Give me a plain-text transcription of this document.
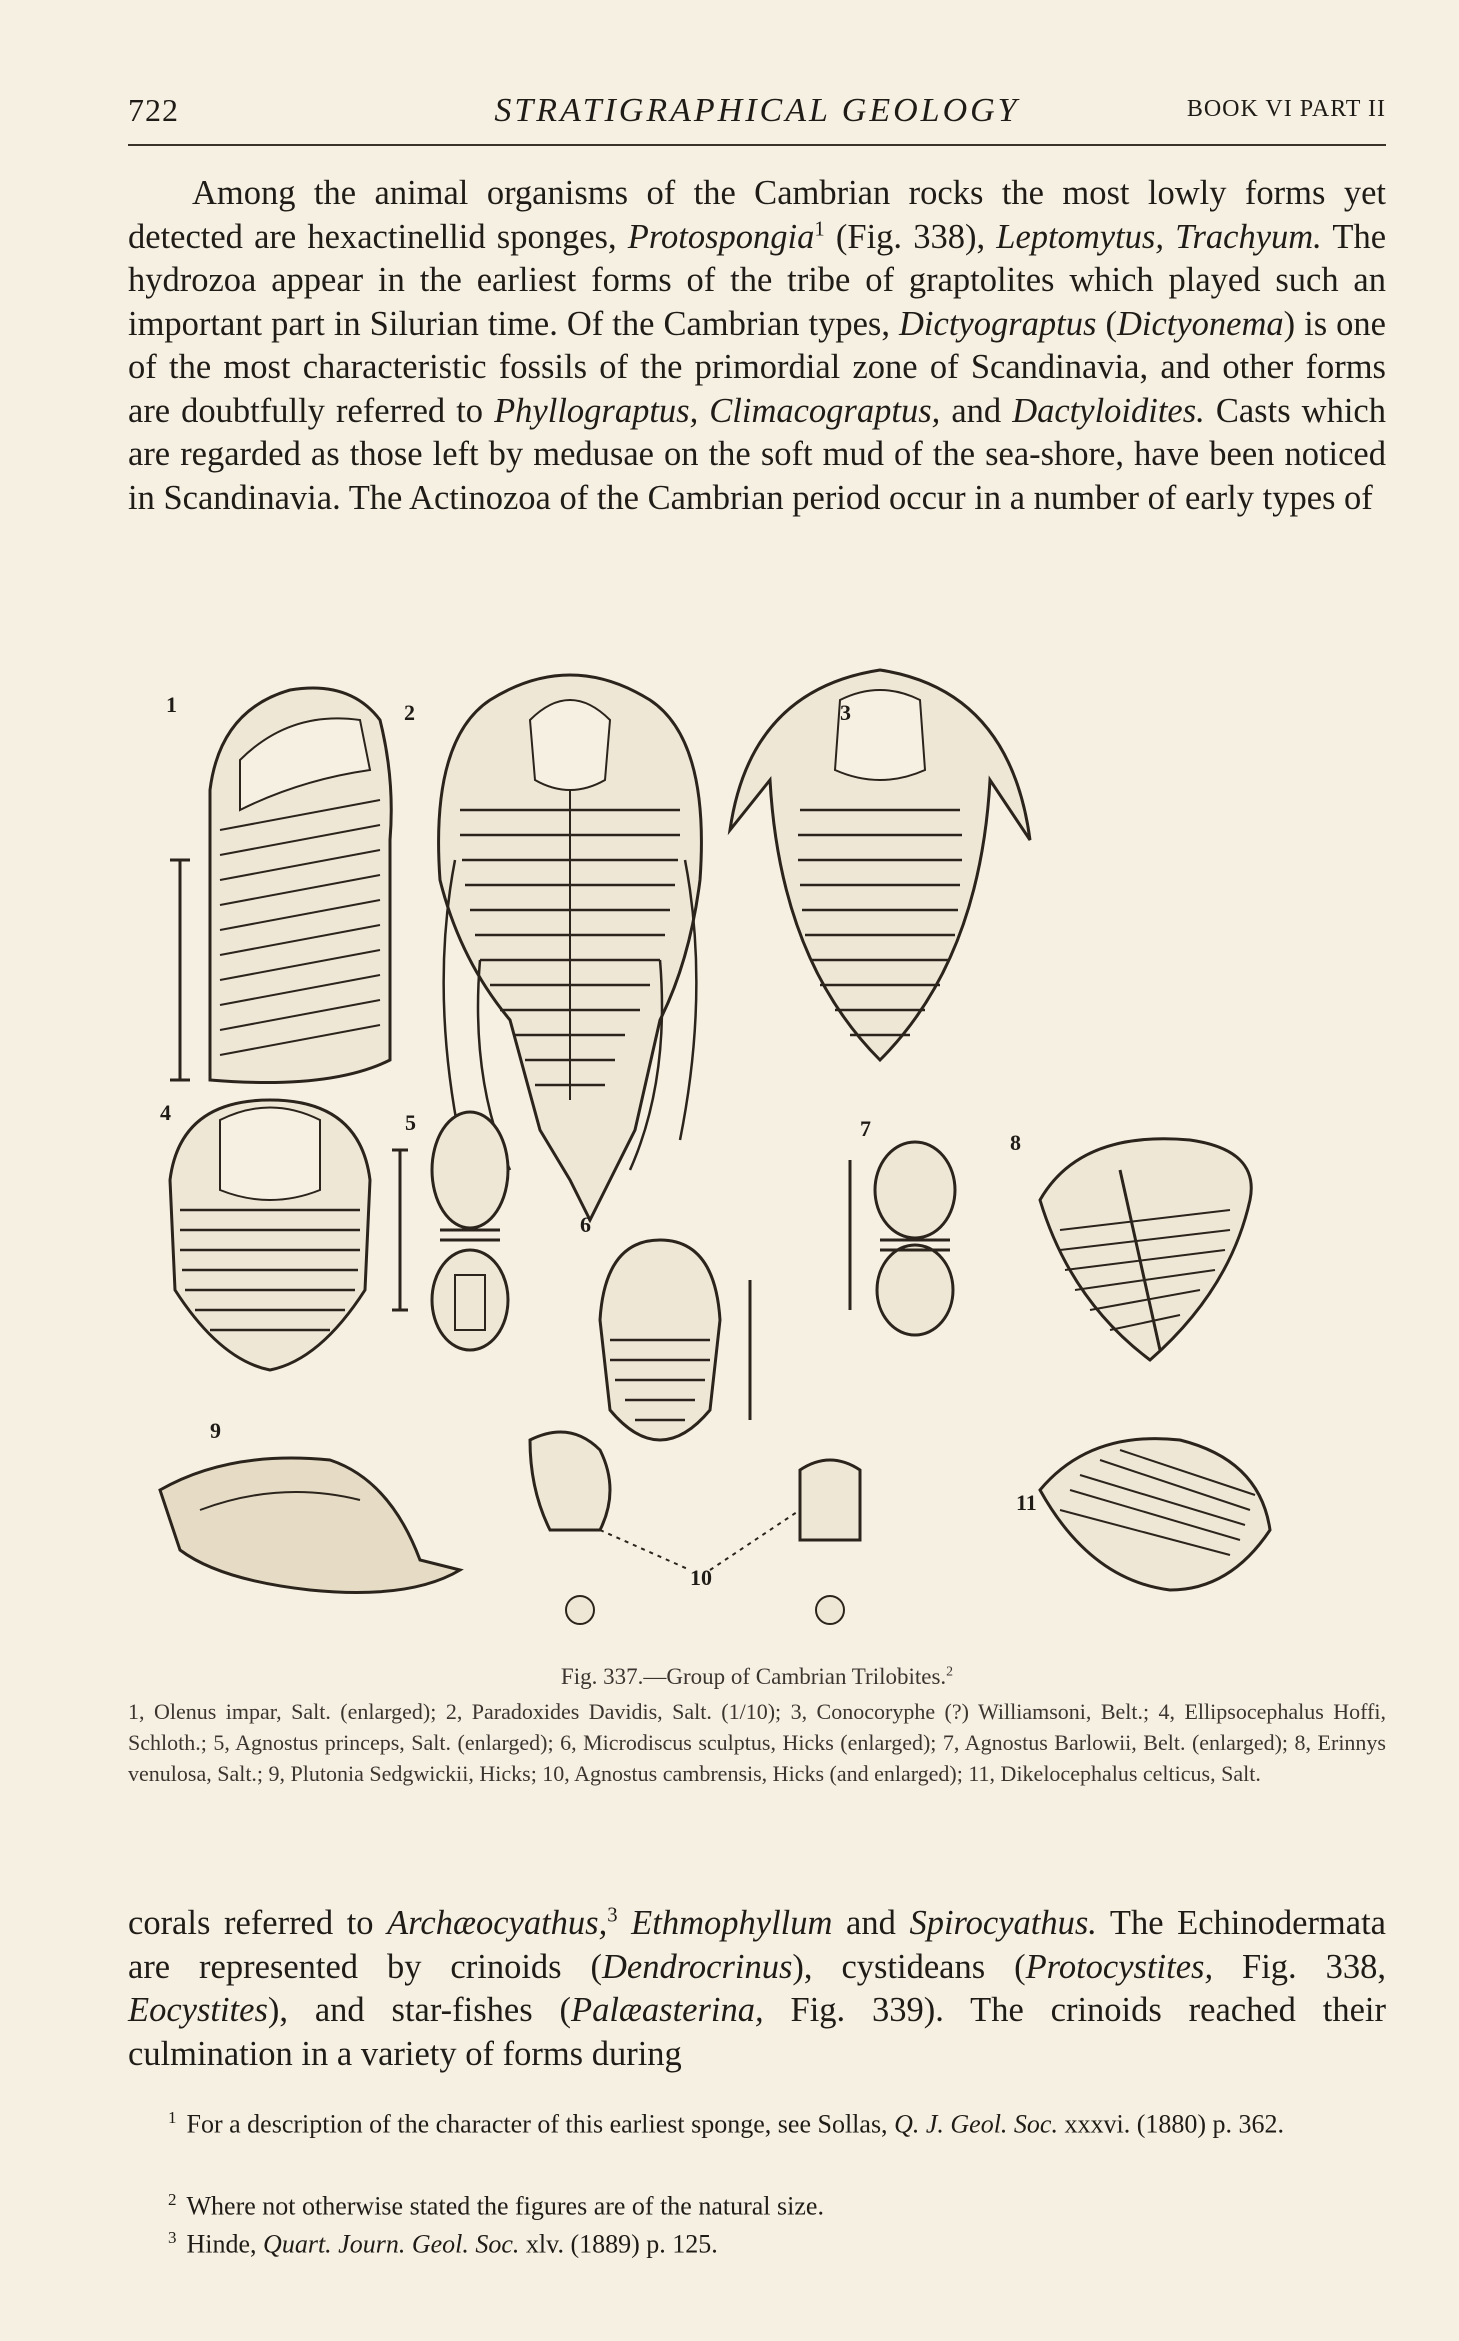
722	STRATIGRAPHICAL GEOLOGY	BOOK VI PART II
Among the animal organisms of the Cambrian rocks the most lowly forms yet detected are hexactinellid sponges, Protospongia$^1$ (Fig. 338), Leptomytus, Trachyum. The hydrozoa appear in the earliest forms of the tribe of graptolites which played such an important part in Silurian time. Of the Cambrian types, Dictyograptus (Dictyonema) is one of the most characteristic fossils of the primordial zone of Scandinavia, and other forms are doubtfully referred to Phyllograptus, Climacograptus, and Dactyloidites. Casts which are regarded as those left by medusae on the soft mud of the sea-shore, have been noticed in Scandinavia. The Actinozoa of the Cambrian period occur in a number of early types of
1	2	3
4	5
6
7
8
9
10
11
Fig. 337.—Group of Cambrian Trilobites.$^2$
1, Olenus impar, Salt. (enlarged); 2, Paradoxides Davidis, Salt. (1/10); 3, Conocoryphe (?) Williamsoni, Belt.; 4, Ellipsocephalus Hoffi, Schloth.; 5, Agnostus princeps, Salt. (enlarged); 6, Microdiscus sculptus, Hicks (enlarged); 7, Agnostus Barlowii, Belt. (enlarged); 8, Erinnys venulosa, Salt.; 9, Plutonia Sedgwickii, Hicks; 10, Agnostus cambrensis, Hicks (and enlarged); 11, Dikelocephalus celticus, Salt.
corals referred to Archæocyathus,$^3$ Ethmophyllum and Spirocyathus. The Echinodermata are represented by crinoids (Dendrocrinus), cystideans (Protocystites, Fig. 338, Eocystites), and star-fishes (Palæasterina, Fig. 339). The crinoids reached their culmination in a variety of forms during
$^1$ For a description of the character of this earliest sponge, see Sollas, Q. J. Geol. Soc. xxxvi. (1880) p. 362.
$^2$ Where not otherwise stated the figures are of the natural size.
$^3$ Hinde, Quart. Journ. Geol. Soc. xlv. (1889) p. 125.
